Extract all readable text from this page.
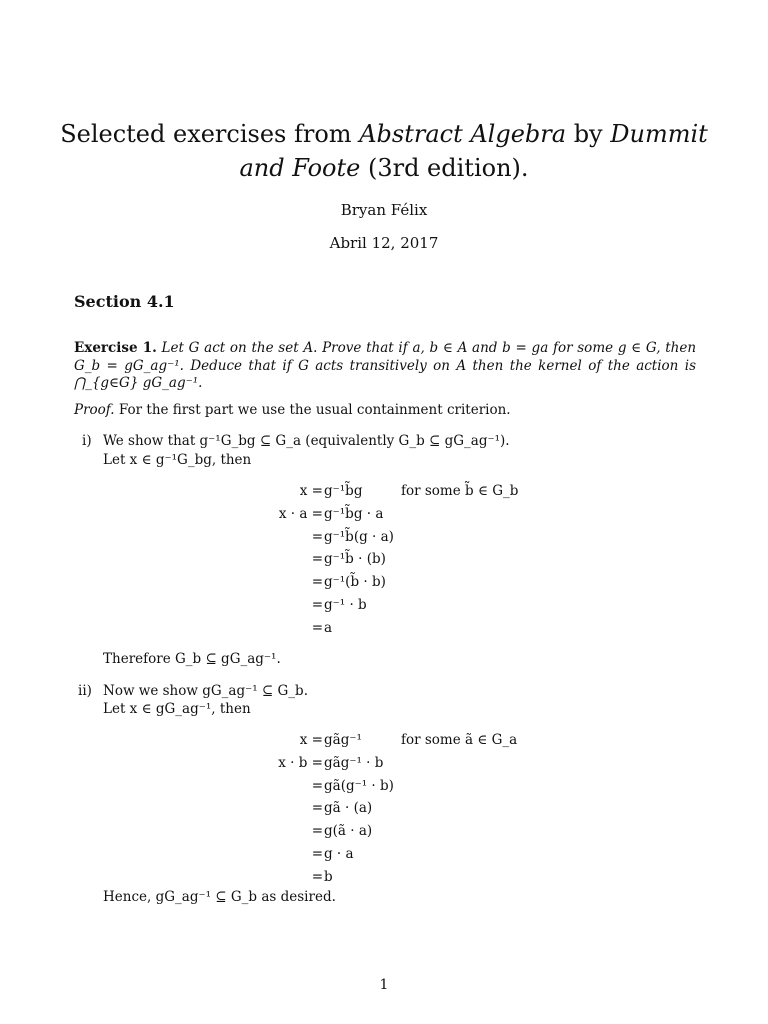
Selected exercises from Abstract Algebra by Dummit
and Foote (3rd edition).
Bryan Félix
Abril 12, 2017
Section 4.1
Exercise 1. Let G act on the set A. Prove that if a, b ∈ A and b = ga for some g ∈ G, then G_b = gG_ag⁻¹. Deduce that if G acts transitively on A then the kernel of the action is ⋂_{g∈G} gG_ag⁻¹.
Proof. For the first part we use the usual containment criterion.
i) We show that g⁻¹G_bg ⊆ G_a (equivalently G_b ⊆ gG_ag⁻¹).
Let x ∈ g⁻¹G_bg, then
x = g⁻¹b̃g	for some b̃ ∈ G_b
x · a = g⁻¹b̃g · a
= g⁻¹b̃(g · a)
= g⁻¹b̃ · (b)
= g⁻¹(b̃ · b)
= g⁻¹ · b
= a
Therefore G_b ⊆ gG_ag⁻¹.
ii) Now we show gG_ag⁻¹ ⊆ G_b.
Let x ∈ gG_ag⁻¹, then
x = gãg⁻¹	for some ã ∈ G_a
x · b = gãg⁻¹ · b
= gã(g⁻¹ · b)
= gã · (a)
= g(ã · a)
= g · a
= b
Hence, gG_ag⁻¹ ⊆ G_b as desired.
1
